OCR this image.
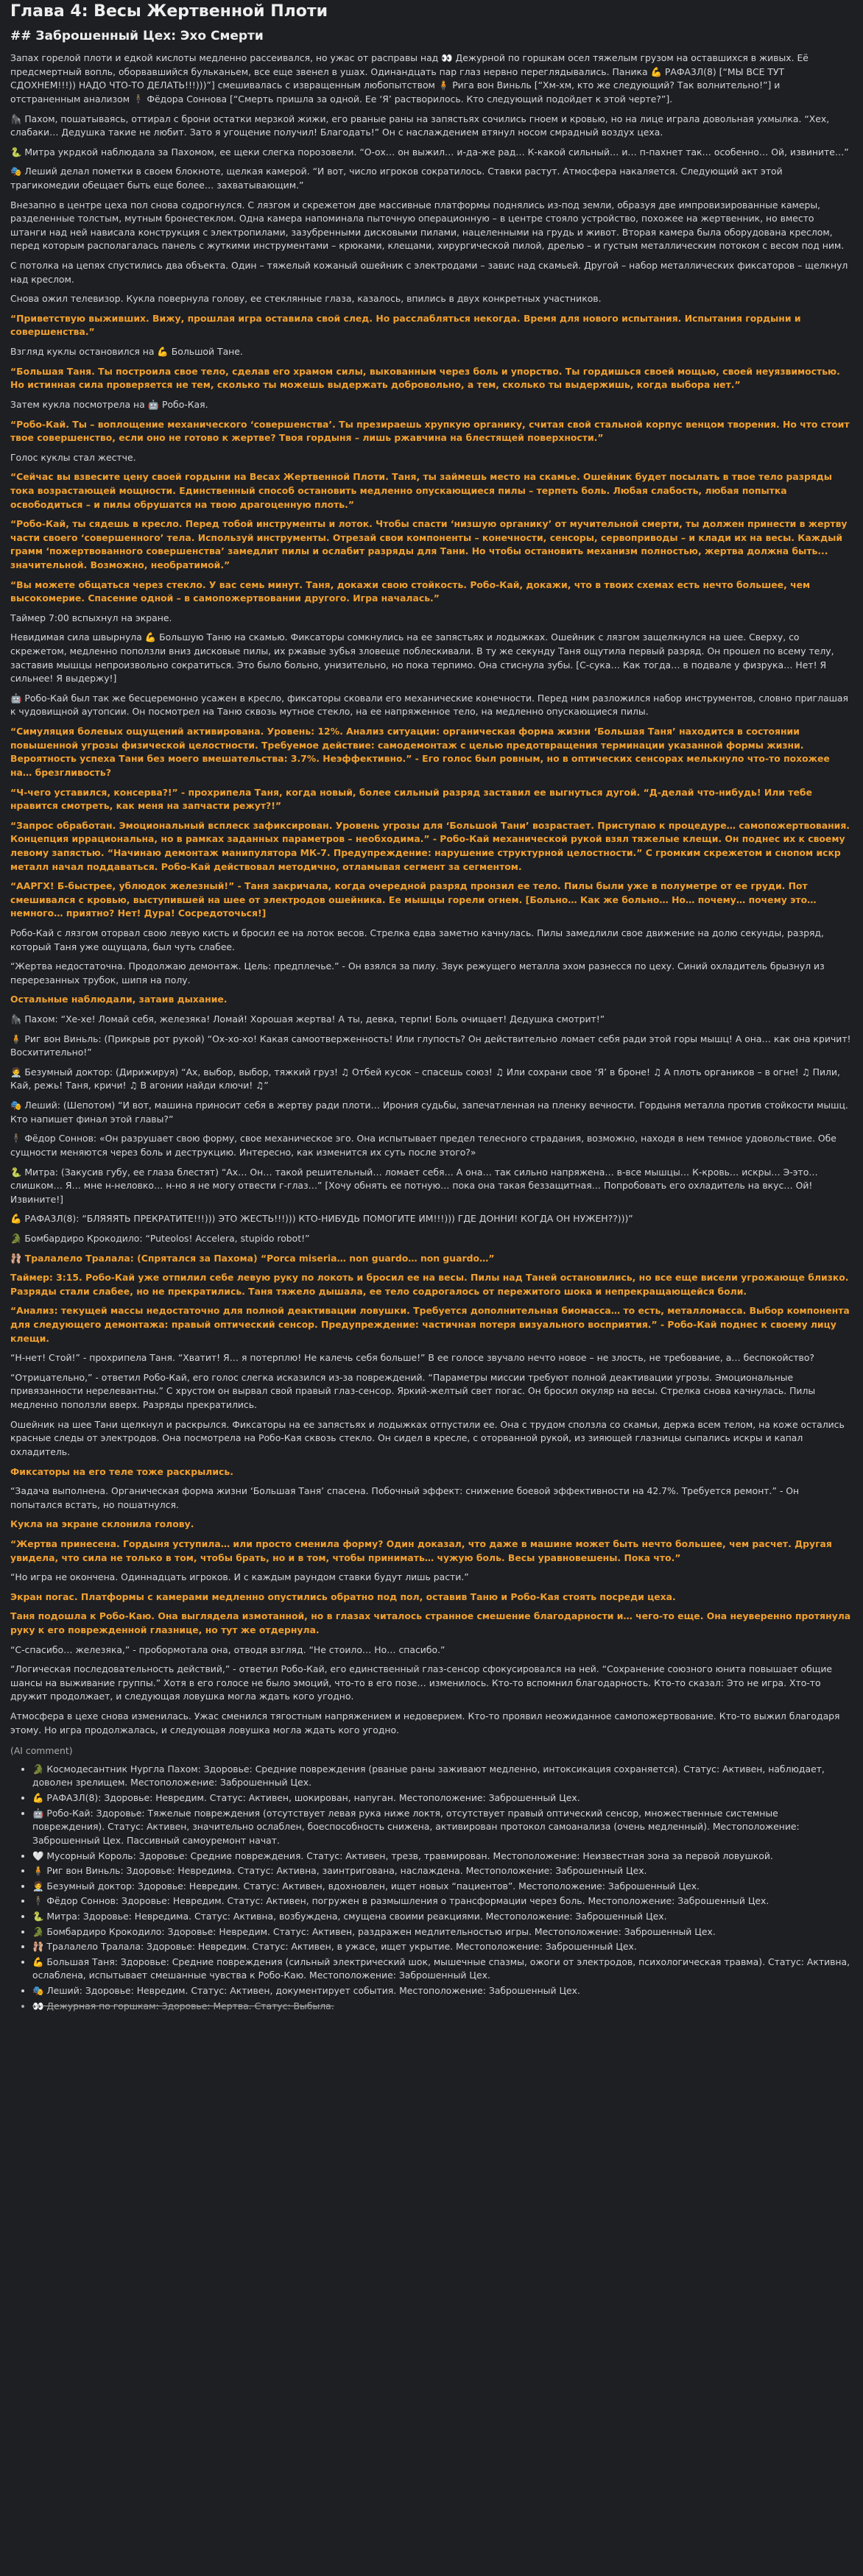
Глава 4: Весы Жертвенной Плоти
## Заброшенный Цех: Эхо Смерти

Запах горелой плоти и едкой кислоты медленно рассеивался, но ужас от расправы над 👀 Дежурной по горшкам осел тяжелым грузом на оставшихся в живых. Её предсмертный вопль, оборвавшийся бульканьем, все еще звенел в ушах. Одинандцать пар глаз нервно переглядывались. Паника 💪 РАФА3Л(8) [“МЫ ВСЕ ТУТ СДОХНЕМ!!!)) НАДО ЧТО-ТО ДЕЛАТЬ!!!)))”] смешивалась с извращенным любопытством 🧍 Рига вон Виньль [“Хм-хм, кто же следующий? Так волнительно!”] и отстраненным анализом 🕴 Фёдора Соннова [“Смерть пришла за одной. Ее ‘Я’ растворилось. Кто следующий подойдет к этой черте?”].

🦍 Пахом, пошатываясь, оттирал с брони остатки мерзкой жижи, его рваные раны на запястьях сочились гноем и кровью, но на лице играла довольная ухмылка. “Хех, слабаки… Дедушка такие не любит. Зато я угощение получил! Благодать!” Он с наслаждением втянул носом смрадный воздух цеха.

🐍 Митра укрдкой наблюдала за Пахомом, ее щеки слегка порозовели. “О-ох… он выжил… и-да-же рад… К-какой сильный… и… п-пахнет так… особенно… Ой, извините…”

🎭 Леший делал пометки в своем блокноте, щелкая камерой. “И вот, число игроков сократилось. Ставки растут. Атмосфера накаляется. Следующий акт этой трагикомедии обещает быть еще более… захватывающим.”

Внезапно в центре цеха пол снова содрогнулся. С лязгом и скрежетом две массивные платформы поднялись из-под земли, образуя две импровизированные камеры, разделенные толстым, мутным бронестеклом. Одна камера напоминала пыточную операционную – в центре стояло устройство, похожее на жертвенник, но вместо штанги над ней нависала конструкция с электропилами, зазубренными дисковыми пилами, нацеленными на грудь и живот. Вторая камера была оборудована креслом, перед которым располагалась панель с жуткими инструментами – крюками, клещами, хирургической пилой, дрелью – и густым металлическим потоком с весом под ним.

С потолка на цепях спустились два объекта. Один – тяжелый кожаный ошейник с электродами – завис над скамьей. Другой – набор металлических фиксаторов – щелкнул над креслом.

Снова ожил телевизор. Кукла повернула голову, ее стеклянные глаза, казалось, впились в двух конкретных участников.

“Приветствую выживших. Вижу, прошлая игра оставила свой след. Но расслабляться некогда. Время для нового испытания. Испытания гордыни и совершенства.”

Взгляд куклы остановился на 💪 Большой Тане.

“Большая Таня. Ты построила свое тело, сделав его храмом силы, выкованным через боль и упорство. Ты гордишься своей мощью, своей неуязвимостью. Но истинная сила проверяется не тем, сколько ты можешь выдержать добровольно, а тем, сколько ты выдержишь, когда выбора нет.”

Затем кукла посмотрела на 🤖 Робо-Кая.

“Робо-Кай. Ты – воплощение механического ‘совершенства’. Ты презираешь хрупкую органику, считая свой стальной корпус венцом творения. Но что стоит твое совершенство, если оно не готово к жертве? Твоя гордыня – лишь ржавчина на блестящей поверхности.”

Голос куклы стал жестче.

“Сейчас вы взвесите цену своей гордыни на Весах Жертвенной Плоти. Таня, ты займешь место на скамье. Ошейник будет посылать в твое тело разряды тока возрастающей мощности. Единственный способ остановить медленно опускающиеся пилы – терпеть боль. Любая слабость, любая попытка освободиться – и пилы обрушатся на твою драгоценную плоть.”

“Робо-Кай, ты сядешь в кресло. Перед тобой инструменты и лоток. Чтобы спасти ‘низшую органику’ от мучительной смерти, ты должен принести в жертву части своего ‘совершенного’ тела. Используй инструменты. Отрезай свои компоненты – конечности, сенсоры, сервоприводы – и клади их на весы. Каждый грамм ‘пожертвованного совершенства’ замедлит пилы и ослабит разряды для Тани. Но чтобы остановить механизм полностью, жертва должна быть... значительной. Возможно, необратимой.”

“Вы можете общаться через стекло. У вас семь минут. Таня, докажи свою стойкость. Робо-Кай, докажи, что в твоих схемах есть нечто большее, чем высокомерие. Спасение одной – в самопожертвовании другого. Игра началась.”

Таймер 7:00 вспыхнул на экране.

Невидимая сила швырнула 💪 Большую Таню на скамью. Фиксаторы сомкнулись на ее запястьях и лодыжках. Ошейник с лязгом защелкнулся на шее. Сверху, со скрежетом, медленно поползли вниз дисковые пилы, их ржавые зубья зловеще поблескивали. В ту же секунду Таня ощутила первый разряд. Он прошел по всему телу, заставив мышцы непроизвольно сократиться. Это было больно, унизительно, но пока терпимо. Она стиснула зубы. [С-сука… Как тогда… в подвале у физрука… Нет! Я сильнее! Я выдержу!]

🤖 Робо-Кай был так же бесцеремонно усажен в кресло, фиксаторы сковали его механические конечности. Перед ним разложился набор инструментов, словно приглашая к чудовищной аутопсии. Он посмотрел на Таню сквозь мутное стекло, на ее напряженное тело, на медленно опускающиеся пилы.

“Симуляция болевых ощущений активирована. Уровень: 12%. Анализ ситуации: органическая форма жизни ‘Большая Таня’ находится в состоянии повышенной угрозы физической целостности. Требуемое действие: самодемонтаж с целью предотвращения терминации указанной формы жизни. Вероятность успеха Тани без моего вмешательства: 3.7%. Неэффективно.” - Его голос был ровным, но в оптических сенсорах мелькнуло что-то похожее на… брезгливость?

“Ч-чего уставился, консерва?!” - прохрипела Таня, когда новый, более сильный разряд заставил ее выгнуться дугой. “Д-делай что-нибудь! Или тебе нравится смотреть, как меня на запчасти режут?!”

“Запрос обработан. Эмоциональный всплеск зафиксирован. Уровень угрозы для ‘Большой Тани’ возрастает. Приступаю к процедуре… самопожертвования. Концепция иррациональна, но в рамках заданных параметров – необходима.” - Робо-Кай механической рукой взял тяжелые клещи. Он поднес их к своему левому запястью. “Начинаю демонтаж манипулятора МК-7. Предупреждение: нарушение структурной целостности.” С громким скрежетом и снопом искр металл начал поддаваться. Робо-Кай действовал методично, отламывая сегмент за сегментом.

“ААРГХ! Б-быстрее, ублюдок железный!” - Таня закричала, когда очередной разряд пронзил ее тело. Пилы были уже в полуметре от ее груди. Пот смешивался с кровью, выступившей на шее от электродов ошейника. Ее мышцы горели огнем. [Больно… Как же больно… Но… почему… почему это… немного… приятно? Нет! Дура! Сосредоточься!]

Робо-Кай с лязгом оторвал свою левую кисть и бросил ее на лоток весов. Стрелка едва заметно качнулась. Пилы замедлили свое движение на долю секунды, разряд, который Таня уже ощущала, был чуть слабее.

“Жертва недостаточна. Продолжаю демонтаж. Цель: предплечье.” - Он взялся за пилу. Звук режущего металла эхом разнесся по цеху. Синий охладитель брызнул из перерезанных трубок, шипя на полу.

Остальные наблюдали, затаив дыхание.

🦍 Пахом: “Хе-хе! Ломай себя, железяка! Ломай! Хорошая жертва! А ты, девка, терпи! Боль очищает! Дедушка смотрит!”

🧍 Риг вон Виньль: (Прикрыв рот рукой) “Ох-хо-хо! Какая самоотверженность! Или глупость? Он действительно ломает себя ради этой горы мышц! А она… как она кричит! Восхитительно!”

🧑‍⚕️ Безумный доктор: (Дирижируя) “Ах, выбор, выбор, тяжкий груз! ♫ Отбей кусок – спасешь союз! ♫ Или сохрани свое ‘Я’ в броне! ♫ А плоть органиков – в огне! ♫ Пили, Кай, режь! Таня, кричи! ♫ В агонии найди ключи! ♫”

🎭 Леший: (Шепотом) “И вот, машина приносит себя в жертву ради плоти… Ирония судьбы, запечатленная на пленку вечности. Гордыня металла против стойкости мышц. Кто напишет финал этой главы?”

🕴 Фёдор Соннов: «Он разрушает свою форму, свое механическое эго. Она испытывает предел телесного страдания, возможно, находя в нем темное удовольствие. Обе сущности меняются через боль и деструкцию. Интересно, как изменится их суть после этого?»

🐍 Митра: (Закусив губу, ее глаза блестят) “Ах… Он… такой решительный… ломает себя… А она… так сильно напряжена… в-все мышцы… К-кровь… искры… Э-это… слишком… Я… мне н-неловко… н-но я не могу отвести г-глаз…” [Хочу обнять ее потную… пока она такая беззащитная… Попробовать его охладитель на вкус… Ой! Извините!]

💪 РАФА3Л(8): “БЛЯЯЯТЬ ПРЕКРАТИТЕ!!!))) ЭТО ЖЕСТЬ!!!))) КТО-НИБУДЬ ПОМОГИТЕ ИМ!!!))) ГДЕ ДОННИ! КОГДА ОН НУЖЕН??)))”

🐊 Бомбардиро Крокодило: “Puteolos! Accelera, stupido robot!”

🩰 Тралалело Тралала: (Спрятался за Пахома) “Porca miseria… non guardo… non guardo…”

Таймер: 3:15. Робо-Кай уже отпилил себе левую руку по локоть и бросил ее на весы. Пилы над Таней остановились, но все еще висели угрожающе близко. Разряды стали слабее, но не прекратились. Таня тяжело дышала, ее тело содрогалось от пережитого шока и непрекращающейся боли.

“Анализ: текущей массы недостаточно для полной деактивации ловушки. Требуется дополнительная биомасса… то есть, металломасса. Выбор компонента для следующего демонтажа: правый оптический сенсор. Предупреждение: частичная потеря визуального восприятия.” - Робо-Кай поднес к своему лицу клещи.

“Н-нет! Стой!” - прохрипела Таня. “Хватит! Я… я потерплю! Не калечь себя больше!” В ее голосе звучало нечто новое – не злость, не требование, а… беспокойство?

“Отрицательно,” - ответил Робо-Кай, его голос слегка исказился из-за повреждений. “Параметры миссии требуют полной деактивации угрозы. Эмоциональные привязанности нерелевантны.” С хрустом он вырвал свой правый глаз-сенсор. Яркий-желтый свет погас. Он бросил окуляр на весы. Стрелка снова качнулась. Пилы медленно поползли вверх. Разряды прекратились.

Ошейник на шее Тани щелкнул и раскрылся. Фиксаторы на ее запястьях и лодыжках отпустили ее. Она с трудом сползла со скамьи, держа всем телом, на коже остались красные следы от электродов. Она посмотрела на Робо-Кая сквозь стекло. Он сидел в кресле, с оторванной рукой, из зияющей глазницы сыпались искры и капал охладитель.

Фиксаторы на его теле тоже раскрылись.

“Задача выполнена. Органическая форма жизни ‘Большая Таня’ спасена. Побочный эффект: снижение боевой эффективности на 42.7%. Требуется ремонт.” - Он попытался встать, но пошатнулся.

Кукла на экране склонила голову.

“Жертва принесена. Гордыня уступила… или просто сменила форму? Один доказал, что даже в машине может быть нечто большее, чем расчет. Другая увидела, что сила не только в том, чтобы брать, но и в том, чтобы принимать… чужую боль. Весы уравновешены. Пока что.”

“Но игра не окончена. Одиннадцать игроков. И с каждым раундом ставки будут лишь расти.”

Экран погас. Платформы с камерами медленно опустились обратно под пол, оставив Таню и Робо-Кая стоять посреди цеха.

Таня подошла к Робо-Каю. Она выглядела измотанной, но в глазах читалось странное смешение благодарности и… чего-то еще. Она неуверенно протянула руку к его поврежденной глазнице, но тут же отдернула.

“С-спасибо… железяка,” - пробормотала она, отводя взгляд. “Не стоило… Но… спасибо.”

“Логическая последовательность действий,” - ответил Робо-Кай, его единственный глаз-сенсор сфокусировался на ней. “Сохранение союзного юнита повышает общие шансы на выживание группы.” Хотя в его голосе не было эмоций, что-то в его позе… изменилось. Кто-то вспомнил благодарность. Кто-то сказал: Это не игра. Хто-то дружит продолжает, и следующая ловушка могла ждать кого угодно.

Атмосфера в цехе снова изменилась. Ужас сменился тягостным напряжением и недоверием. Кто-то проявил неожиданное самопожертвование. Кто-то выжил благодаря этому. Но игра продолжалась, и следующая ловушка могла ждать кого угодно.

(AI comment)
• 🐊 Космодесантник Нургла Пахом: Здоровье: Средние повреждения (рваные раны заживают медленно, интоксикация сохраняется). Статус: Активен, наблюдает, доволен зрелищем. Местоположение: Заброшенный Цех.
• 💪 РАФА3Л(8): Здоровье: Невредим. Статус: Активен, шокирован, напуган. Местоположение: Заброшенный Цех.
• 🤖 Робо-Кай: Здоровье: Тяжелые повреждения (отсутствует левая рука ниже локтя, отсутствует правый оптический сенсор, множественные системные повреждения). Статус: Активен, значительно ослаблен, боеспособность снижена, активирован протокол самоанализа (очень медленный). Местоположение: Заброшенный Цех. Пассивный самоуремонт начат.
• 🤍 Мусорный Король: Здоровье: Средние повреждения. Статус: Активен, трезв, травмирован. Местоположение: Неизвестная зона за первой ловушкой.
• 🧍 Риг вон Виньль: Здоровье: Невредима. Статус: Активна, заинтригована, наслаждена. Местоположение: Заброшенный Цех.
• 🧑‍⚕️ Безумный доктор: Здоровье: Невредим. Статус: Активен, вдохновлен, ищет новых “пациентов”. Местоположение: Заброшенный Цех.
• 🕴 Фёдор Соннов: Здоровье: Невредим. Статус: Активен, погружен в размышления о трансформации через боль. Местоположение: Заброшенный Цех.
• 🐍 Митра: Здоровье: Невредима. Статус: Активна, возбуждена, смущена своими реакциями. Местоположение: Заброшенный Цех.
• 🐊 Бомбардиро Крокодило: Здоровье: Невредим. Статус: Активен, раздражен медлительностью игры. Местоположение: Заброшенный Цех.
• 🩰 Тралалело Тралала: Здоровье: Невредим. Статус: Активен, в ужасе, ищет укрытие. Местоположение: Заброшенный Цех.
• 💪 Большая Таня: Здоровье: Средние повреждения (сильный электрический шок, мышечные спазмы, ожоги от электродов, психологическая травма). Статус: Активна, ослаблена, испытывает смешанные чувства к Робо-Каю. Местоположение: Заброшенный Цех.
• 🎭 Леший: Здоровье: Невредим. Статус: Активен, документирует события. Местоположение: Заброшенный Цех.
• 👀 Дежурная по горшкам: Здоровье: Мертва. Статус: Выбыла.
